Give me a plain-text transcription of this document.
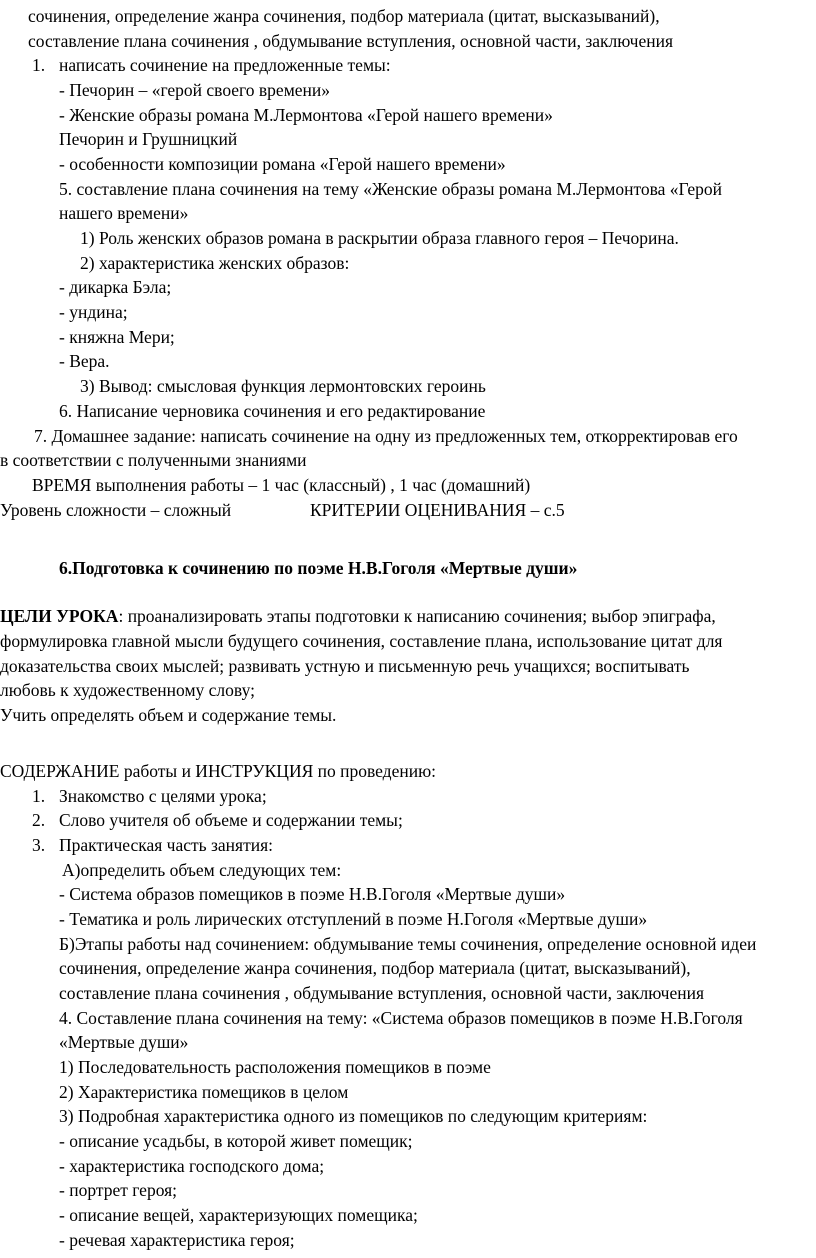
сочинения, определение жанра сочинения, подбор материала (цитат, высказываний),
составление плана сочинения , обдумывание вступления, основной части, заключения
1. написать сочинение на предложенные темы:
- Печорин – «герой своего времени»
- Женские образы романа М.Лермонтова «Герой нашего времени»
Печорин и Грушницкий
- особенности композиции романа «Герой нашего времени»
5. составление плана сочинения на тему «Женские образы романа М.Лермонтова «Герой
нашего времени»
1) Роль женских образов романа в раскрытии образа главного героя – Печорина.
2) характеристика женских образов:
- дикарка Бэла;
- ундина;
- княжна Мери;
- Вера.
3) Вывод: смысловая функция лермонтовских героинь
6. Написание черновика сочинения и его редактирование
7. Домашнее задание: написать сочинение на одну из предложенных тем, откорректировав его
в соответствии с полученными знаниями
ВРЕМЯ выполнения работы – 1 час (классный) , 1 час (домашний)
Уровень сложности – сложный	КРИТЕРИИ ОЦЕНИВАНИЯ – с.5
6.Подготовка к сочинению по поэме Н.В.Гоголя «Мертвые души»
ЦЕЛИ УРОКА: проанализировать этапы подготовки к написанию сочинения; выбор эпиграфа,
формулировка главной мысли будущего сочинения, составление плана, использование цитат для
доказательства своих мыслей; развивать устную и письменную речь учащихся; воспитывать
любовь к художественному слову;
Учить определять объем и содержание темы.
СОДЕРЖАНИЕ работы и ИНСТРУКЦИЯ по проведению:
1. Знакомство с целями урока;
2. Слово учителя об объеме и содержании темы;
3. Практическая часть занятия:
А)определить объем следующих тем:
- Система образов помещиков в поэме Н.В.Гоголя «Мертвые души»
- Тематика и роль лирических отступлений в поэме Н.Гоголя «Мертвые души»
Б)Этапы работы над сочинением: обдумывание темы сочинения, определение основной идеи
сочинения, определение жанра сочинения, подбор материала (цитат, высказываний),
составление плана сочинения , обдумывание вступления, основной части, заключения
4. Составление плана сочинения на тему: «Система образов помещиков в поэме Н.В.Гоголя
«Мертвые души»
1) Последовательность расположения помещиков в поэме
2) Характеристика помещиков в целом
3) Подробная характеристика одного из помещиков по следующим критериям:
- описание усадьбы, в которой живет помещик;
- характеристика господского дома;
- портрет героя;
- описание вещей, характеризующих помещика;
- речевая характеристика героя;
